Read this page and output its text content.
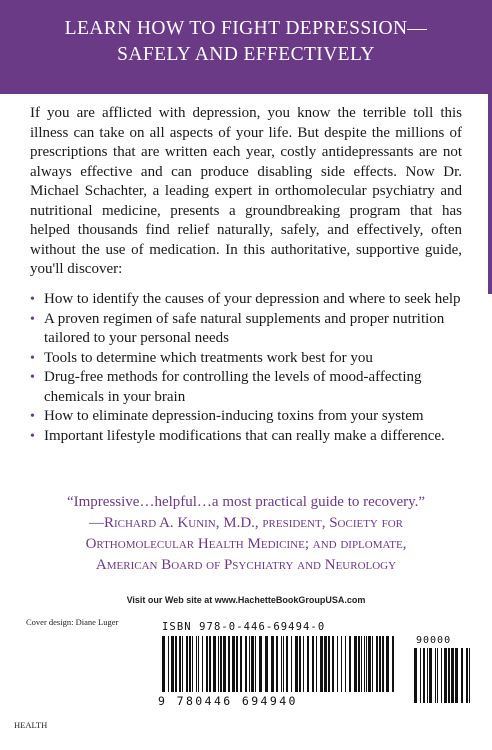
LEARN HOW TO FIGHT DEPRESSION—
SAFELY AND EFFECTIVELY
If you are afflicted with depression, you know the terrible toll this illness can take on all aspects of your life. But despite the millions of prescriptions that are written each year, costly antidepressants are not always effective and can produce disabling side effects. Now Dr. Michael Schachter, a leading expert in orthomolecular psychiatry and nutritional medicine, presents a groundbreaking program that has helped thousands find relief naturally, safely, and effectively, often without the use of medication. In this authoritative, supportive guide, you'll discover:
• How to identify the causes of your depression and where to seek help
• A proven regimen of safe natural supplements and proper nutrition tailored to your personal needs
• Tools to determine which treatments work best for you
• Drug-free methods for controlling the levels of mood-affecting chemicals in your brain
• How to eliminate depression-inducing toxins from your system
• Important lifestyle modifications that can really make a difference.
“Impressive…helpful…a most practical guide to recovery.”
—Richard A. Kunin, M.D., president, Society for
Orthomolecular Health Medicine; and diplomate,
American Board of Psychiatry and Neurology
Visit our Web site at www.HachetteBookGroupUSA.com
Cover design: Diane Luger	ISBN 978-0-446-69494-0
90000
9 780446 694940
HEALTH
